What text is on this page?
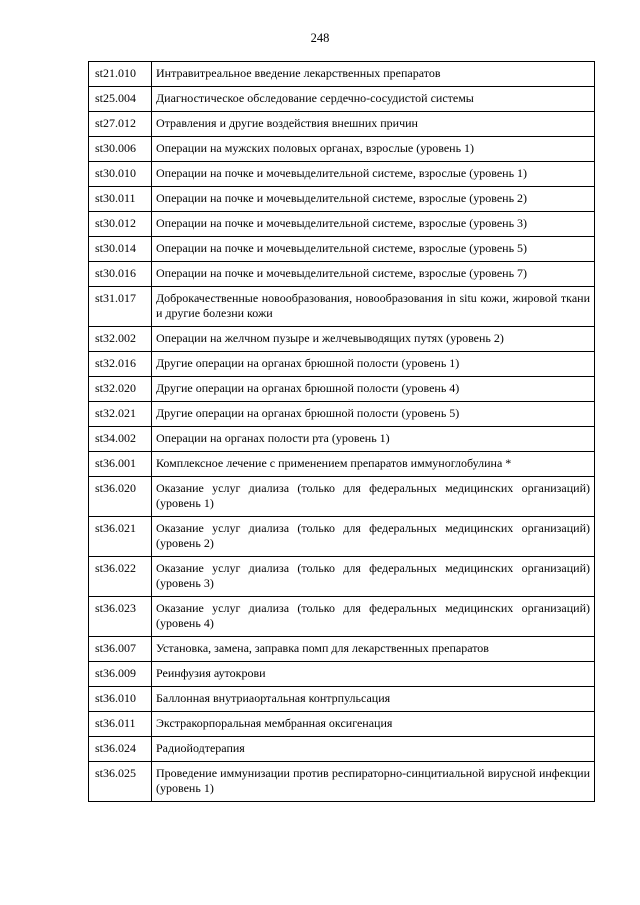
248
st21.010	Интравитреальное введение лекарственных препаратов
st25.004	Диагностическое обследование сердечно-сосудистой системы
st27.012	Отравления и другие воздействия внешних причин
st30.006	Операции на мужских половых органах, взрослые (уровень 1)
st30.010	Операции на почке и мочевыделительной системе, взрослые (уровень 1)
st30.011	Операции на почке и мочевыделительной системе, взрослые (уровень 2)
st30.012	Операции на почке и мочевыделительной системе, взрослые (уровень 3)
st30.014	Операции на почке и мочевыделительной системе, взрослые (уровень 5)
st30.016	Операции на почке и мочевыделительной системе, взрослые (уровень 7)
st31.017	Доброкачественные новообразования, новообразования in situ кожи, жировой ткани и другие болезни кожи
st32.002	Операции на желчном пузыре и желчевыводящих путях (уровень 2)
st32.016	Другие операции на органах брюшной полости (уровень 1)
st32.020	Другие операции на органах брюшной полости (уровень 4)
st32.021	Другие операции на органах брюшной полости (уровень 5)
st34.002	Операции на органах полости рта (уровень 1)
st36.001	Комплексное лечение с применением препаратов иммуноглобулина *
st36.020	Оказание услуг диализа (только для федеральных медицинских организаций) (уровень 1)
st36.021	Оказание услуг диализа (только для федеральных медицинских организаций) (уровень 2)
st36.022	Оказание услуг диализа (только для федеральных медицинских организаций) (уровень 3)
st36.023	Оказание услуг диализа (только для федеральных медицинских организаций) (уровень 4)
st36.007	Установка, замена, заправка помп для лекарственных препаратов
st36.009	Реинфузия аутокрови
st36.010	Баллонная внутриаортальная контрпульсация
st36.011	Экстракорпоральная мембранная оксигенация
st36.024	Радиойодтерапия
st36.025	Проведение иммунизации против респираторно-синцитиальной вирусной инфекции (уровень 1)
